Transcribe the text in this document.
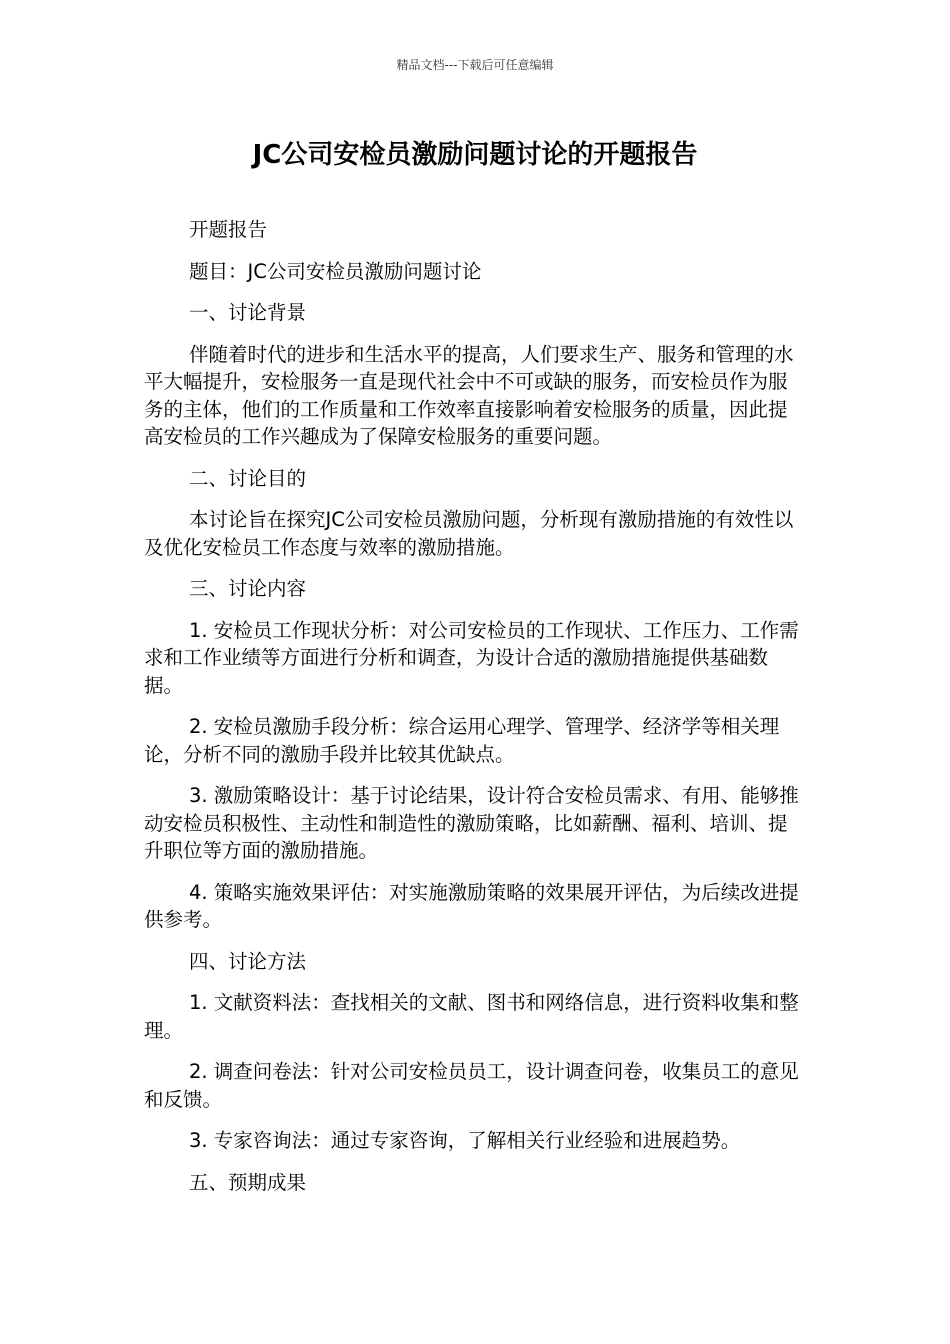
精品文档---下载后可任意编辑
JC公司安检员激励问题讨论的开题报告

开题报告

题目：JC公司安检员激励问题讨论

一、讨论背景

伴随着时代的进步和生活水平的提高，人们要求生产、服务和管理的水平大幅提升，安检服务一直是现代社会中不可或缺的服务，而安检员作为服务的主体，他们的工作质量和工作效率直接影响着安检服务的质量，因此提高安检员的工作兴趣成为了保障安检服务的重要问题。

二、讨论目的

本讨论旨在探究JC公司安检员激励问题，分析现有激励措施的有效性以及优化安检员工作态度与效率的激励措施。

三、讨论内容

1. 安检员工作现状分析：对公司安检员的工作现状、工作压力、工作需求和工作业绩等方面进行分析和调查，为设计合适的激励措施提供基础数据。

2. 安检员激励手段分析：综合运用心理学、管理学、经济学等相关理论，分析不同的激励手段并比较其优缺点。

3. 激励策略设计：基于讨论结果，设计符合安检员需求、有用、能够推动安检员积极性、主动性和制造性的激励策略，比如薪酬、福利、培训、提升职位等方面的激励措施。

4. 策略实施效果评估：对实施激励策略的效果展开评估，为后续改进提供参考。

四、讨论方法

1. 文献资料法：查找相关的文献、图书和网络信息，进行资料收集和整理。

2. 调查问卷法：针对公司安检员员工，设计调查问卷，收集员工的意见和反馈。

3. 专家咨询法：通过专家咨询，了解相关行业经验和进展趋势。

五、预期成果
